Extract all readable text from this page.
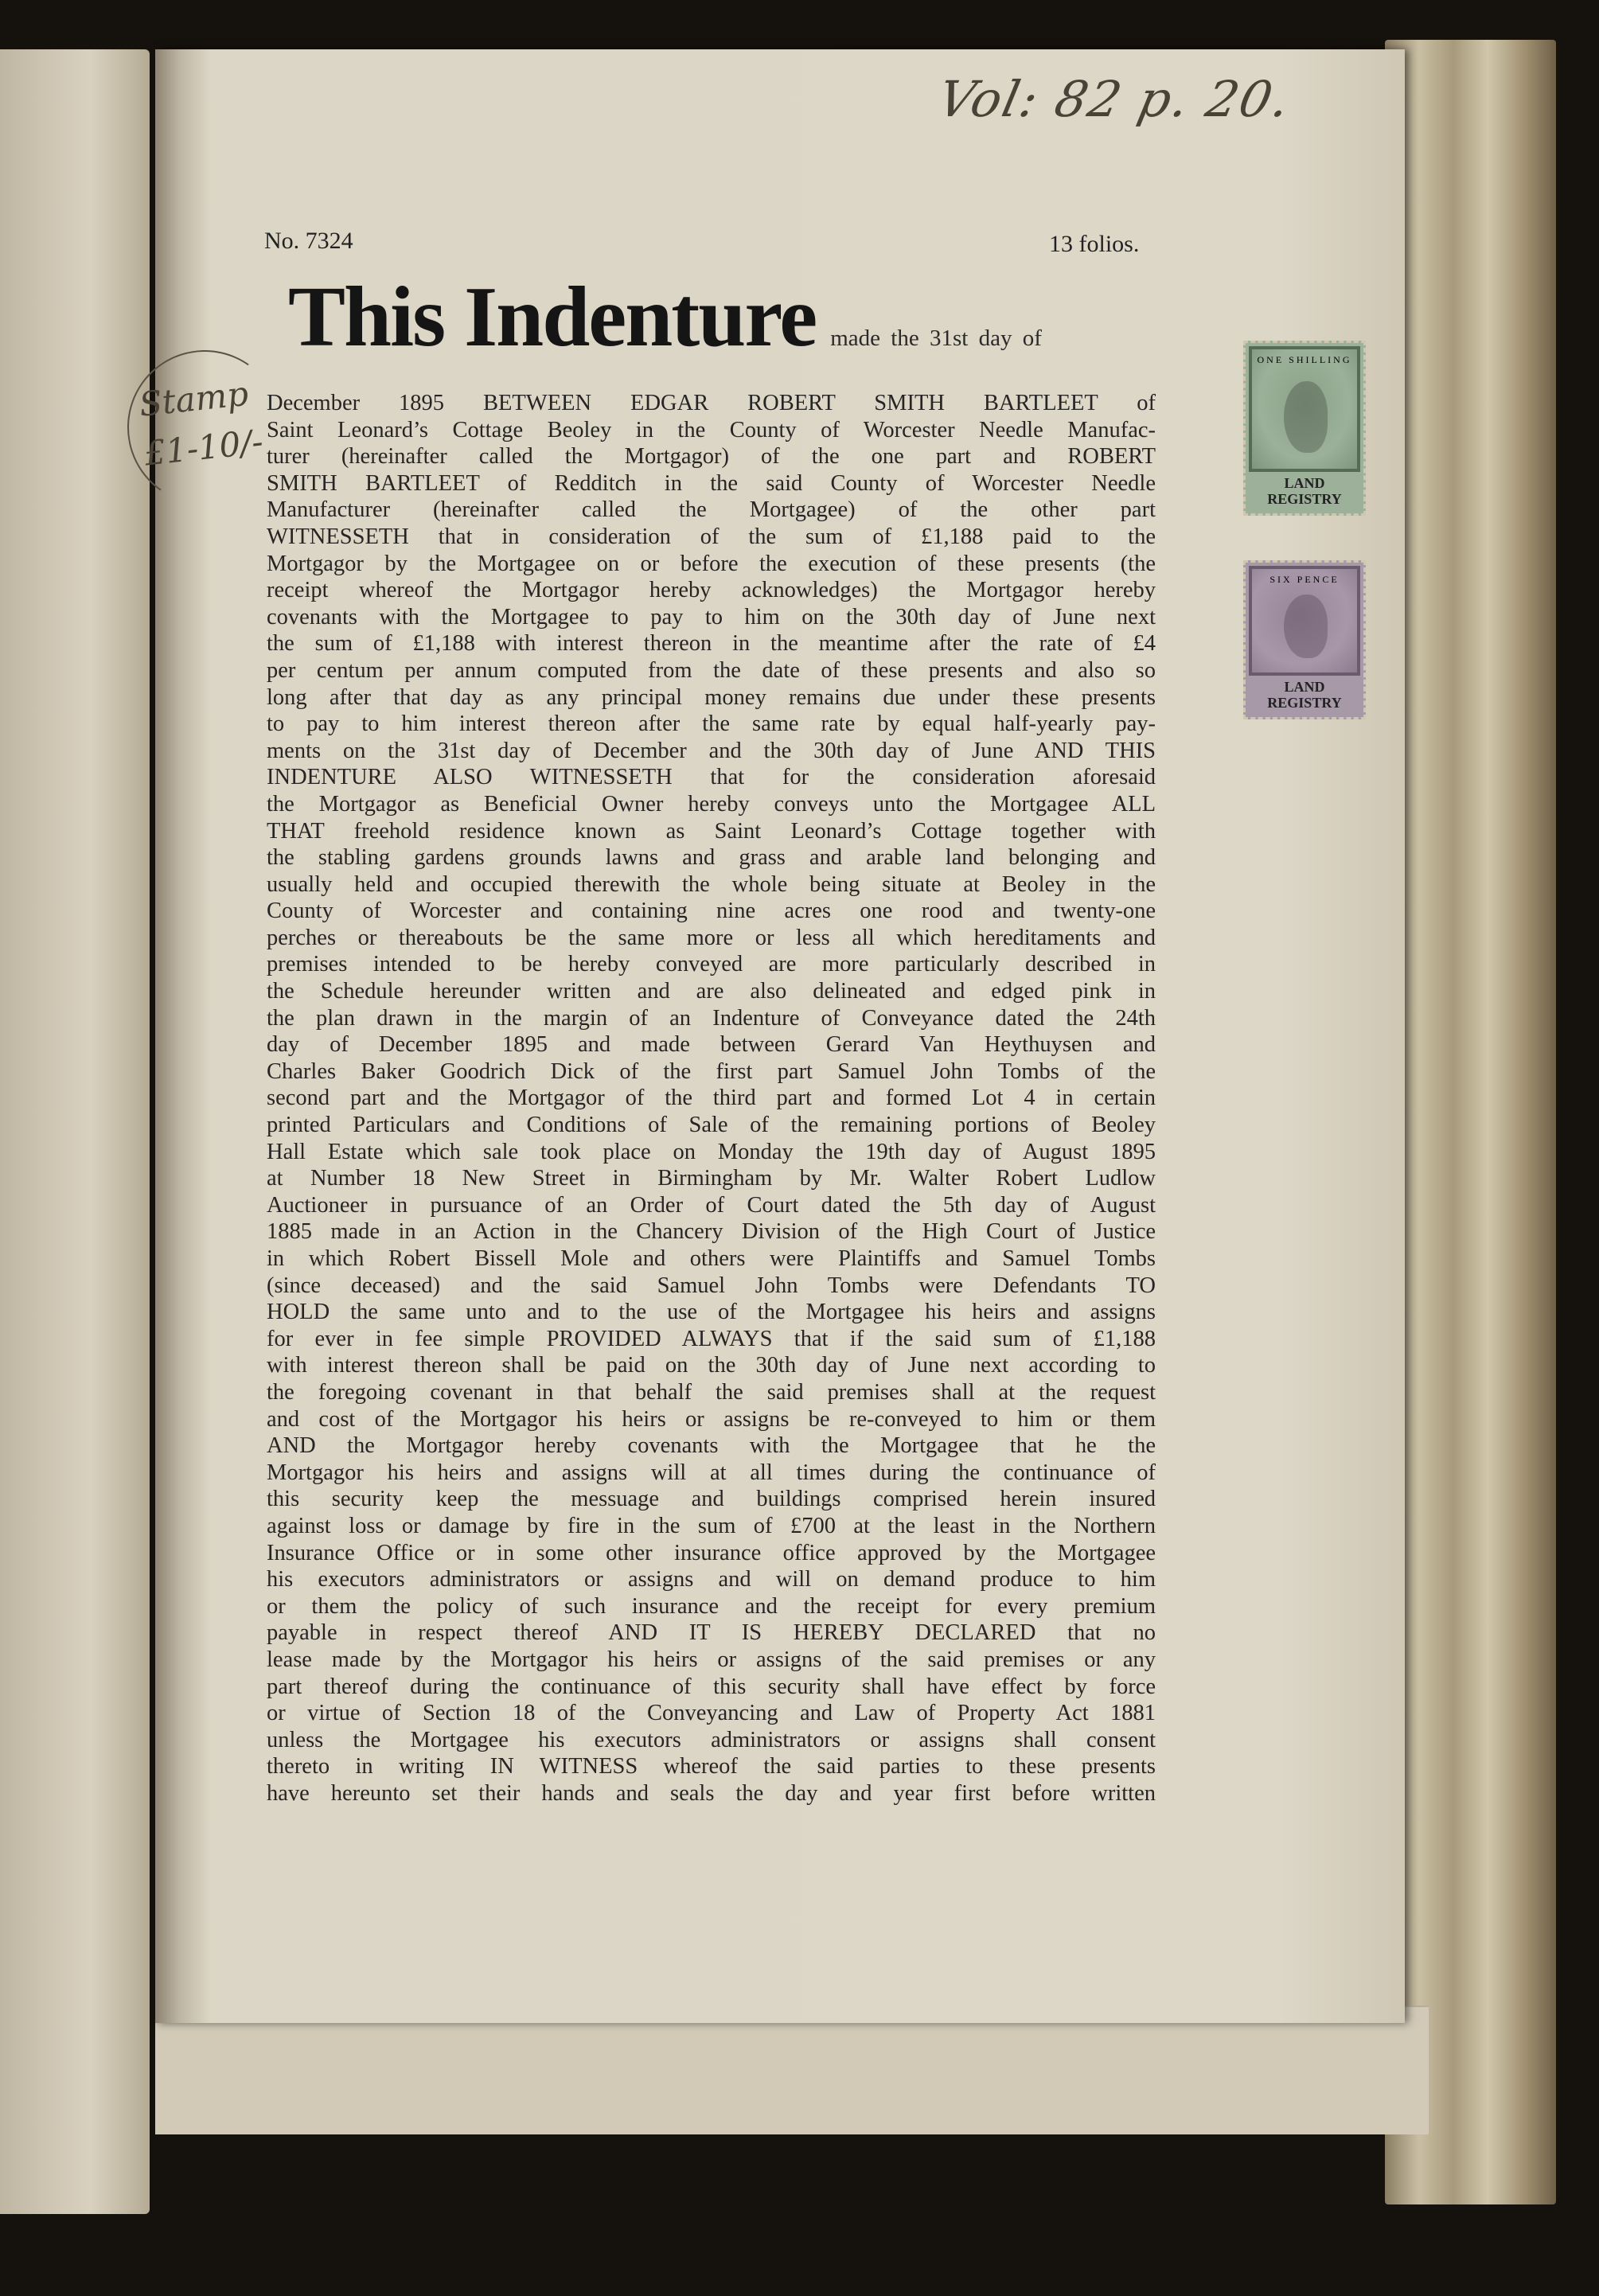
Vol: 82 p. 20.
Stamp
£1-10/-
No. 7324	13 folios.
This Indenture made the 31st day of
ONE SHILLING
LAND
REGISTRY
SIX PENCE
LAND
REGISTRY
December 1895 BETWEEN EDGAR ROBERT SMITH BARTLEET of
Saint Leonard’s Cottage Beoley in the County of Worcester Needle Manufac-
turer (hereinafter called the Mortgagor) of the one part and ROBERT
SMITH BARTLEET of Redditch in the said County of Worcester Needle
Manufacturer (hereinafter called the Mortgagee) of the other part
WITNESSETH that in consideration of the sum of £1,188 paid to the
Mortgagor by the Mortgagee on or before the execution of these presents (the
receipt whereof the Mortgagor hereby acknowledges) the Mortgagor hereby
covenants with the Mortgagee to pay to him on the 30th day of June next
the sum of £1,188 with interest thereon in the meantime after the rate of £4
per centum per annum computed from the date of these presents and also so
long after that day as any principal money remains due under these presents
to pay to him interest thereon after the same rate by equal half-yearly pay-
ments on the 31st day of December and the 30th day of June AND THIS
INDENTURE ALSO WITNESSETH that for the consideration aforesaid
the Mortgagor as Beneficial Owner hereby conveys unto the Mortgagee ALL
THAT freehold residence known as Saint Leonard’s Cottage together with
the stabling gardens grounds lawns and grass and arable land belonging and
usually held and occupied therewith the whole being situate at Beoley in the
County of Worcester and containing nine acres one rood and twenty-one
perches or thereabouts be the same more or less all which hereditaments and
premises intended to be hereby conveyed are more particularly described in
the Schedule hereunder written and are also delineated and edged pink in
the plan drawn in the margin of an Indenture of Conveyance dated the 24th
day of December 1895 and made between Gerard Van Heythuysen and
Charles Baker Goodrich Dick of the first part Samuel John Tombs of the
second part and the Mortgagor of the third part and formed Lot 4 in certain
printed Particulars and Conditions of Sale of the remaining portions of Beoley
Hall Estate which sale took place on Monday the 19th day of August 1895
at Number 18 New Street in Birmingham by Mr. Walter Robert Ludlow
Auctioneer in pursuance of an Order of Court dated the 5th day of August
1885 made in an Action in the Chancery Division of the High Court of Justice
in which Robert Bissell Mole and others were Plaintiffs and Samuel Tombs
(since deceased) and the said Samuel John Tombs were Defendants TO
HOLD the same unto and to the use of the Mortgagee his heirs and assigns
for ever in fee simple PROVIDED ALWAYS that if the said sum of £1,188
with interest thereon shall be paid on the 30th day of June next according to
the foregoing covenant in that behalf the said premises shall at the request
and cost of the Mortgagor his heirs or assigns be re-conveyed to him or them
AND the Mortgagor hereby covenants with the Mortgagee that he the
Mortgagor his heirs and assigns will at all times during the continuance of
this security keep the messuage and buildings comprised herein insured
against loss or damage by fire in the sum of £700 at the least in the Northern
Insurance Office or in some other insurance office approved by the Mortgagee
his executors administrators or assigns and will on demand produce to him
or them the policy of such insurance and the receipt for every premium
payable in respect thereof AND IT IS HEREBY DECLARED that no
lease made by the Mortgagor his heirs or assigns of the said premises or any
part thereof during the continuance of this security shall have effect by force
or virtue of Section 18 of the Conveyancing and Law of Property Act 1881
unless the Mortgagee his executors administrators or assigns shall consent
thereto in writing IN WITNESS whereof the said parties to these presents
have hereunto set their hands and seals the day and year first before written
